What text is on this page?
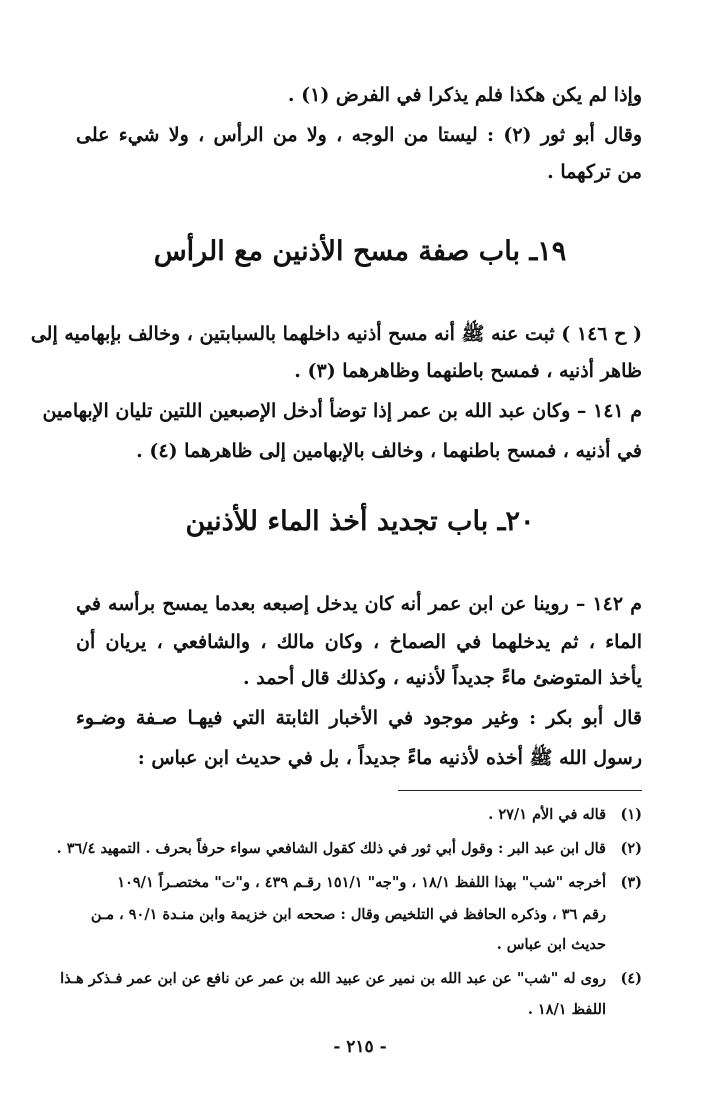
وإذا لم يكن هكذا فلم يذكرا في الفرض (١) .
وقال أبو ثور (٢) : ليستا من الوجه ، ولا من الرأس ، ولا شيء على
من تركهما .
١٩ـ باب صفة مسح الأذنين مع الرأس
( ح ١٤٦ ) ثبت عنه ﷺ أنه مسح أذنيه داخلهما بالسبابتين ، وخالف بإبهاميه إلى
ظاهر أذنيه ، فمسح باطنهما وظاهرهما (٣) .
م ١٤١ – وكان عبد الله بن عمر إذا توضأ أدخل الإصبعين اللتين تليان الإبهامين
في أذنيه ، فمسح باطنهما ، وخالف بالإبهامين إلى ظاهرهما (٤) .
٢٠ـ باب تجديد أخذ الماء للأذنين
م ١٤٢ – روينا عن ابن عمر أنه كان يدخل إصبعه بعدما يمسح برأسه في
الماء ، ثم يدخلهما في الصماخ ، وكان مالك ، والشافعي ، يريان أن
يأخذ المتوضئ ماءً جديداً لأذنيه ، وكذلك قال أحمد .
قال أبو بكر : وغير موجود في الأخبار الثابتة التي فيهـا صـفة وضـوء
رسول الله ﷺ أخذه لأذنيه ماءً جديداً ، بل في حديث ابن عباس :
(١)قاله في الأم ٢٧/١ .
(٢)قال ابن عبد البر : وقول أبي ثور في ذلك كقول الشافعي سواء حرفاً بحرف . التمهيد ٣٦/٤ .
(٣)أخرجه "شب" بهذا اللفظ ١٨/١ ، و"جه" ١٥١/١ رقـم ٤٣٩ ، و"ت" مختصـراً ١٠٩/١
رقم ٣٦ ، وذكره الحافظ في التلخيص وقال : صححه ابن خزيمة وابن منـدة ٩٠/١ ، مـن
حديث ابن عباس .
(٤)روى له "شب" عن عبد الله بن نمير عن عبيد الله بن عمر عن نافع عن ابن عمر فـذكر هـذا
اللفظ ١٨/١ .
- ٢١٥ -
